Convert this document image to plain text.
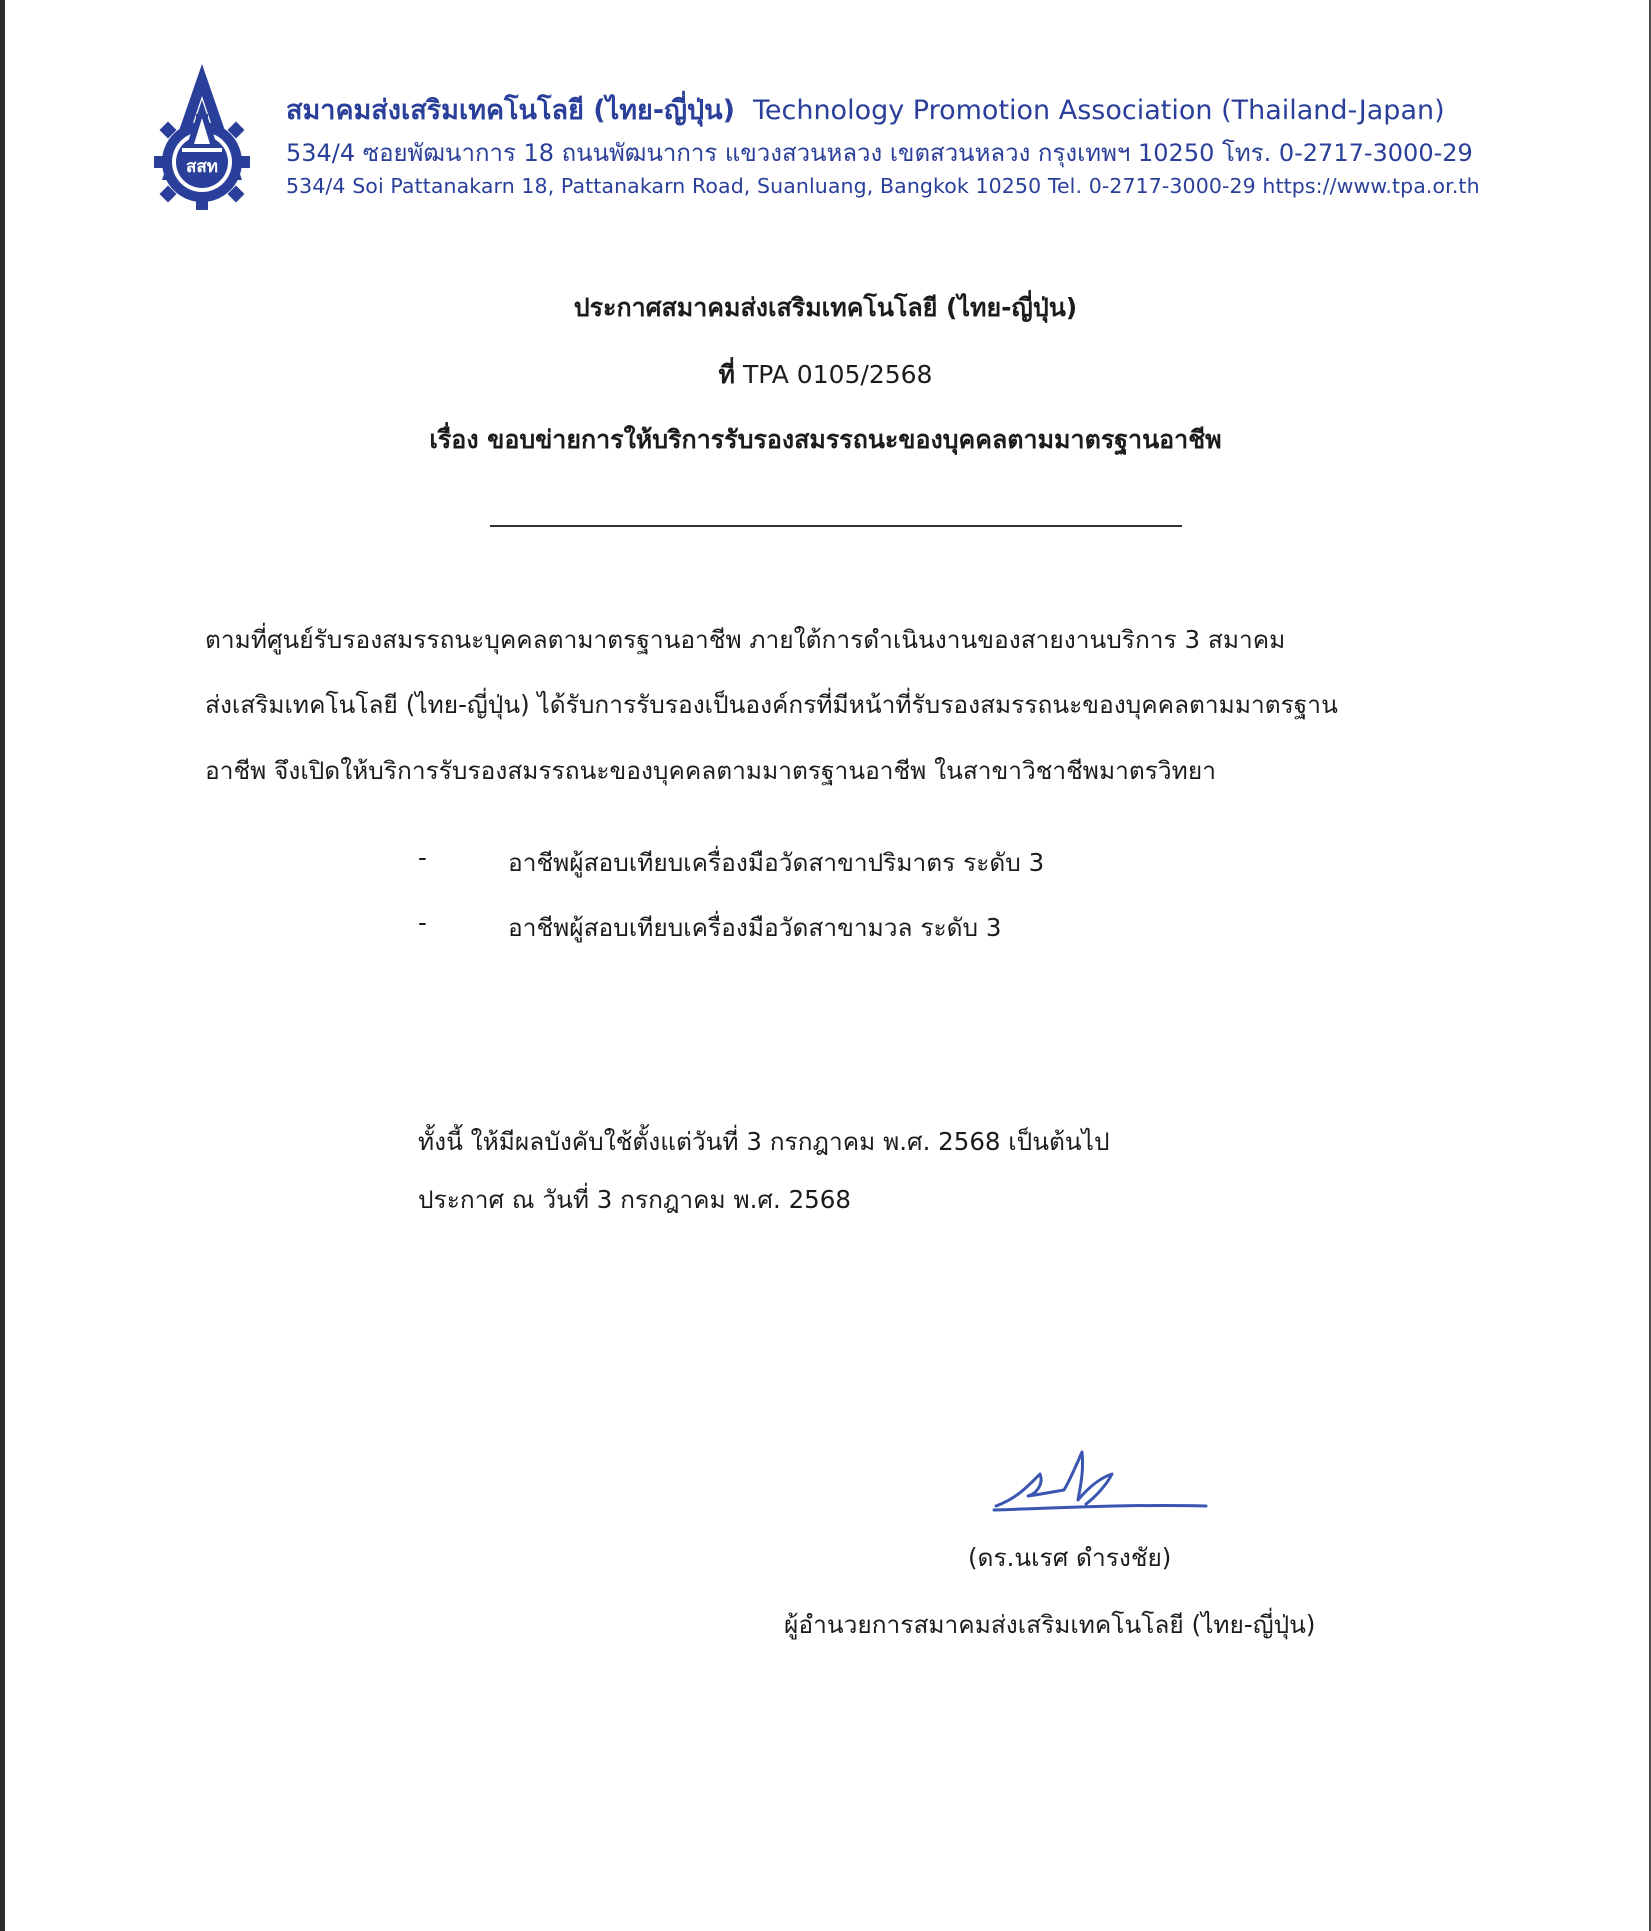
สสท
สมาคมส่งเสริมเทคโนโลยี (ไทย-ญี่ปุ่น) Technology Promotion Association (Thailand-Japan)
534/4 ซอยพัฒนาการ 18 ถนนพัฒนาการ แขวงสวนหลวง เขตสวนหลวง กรุงเทพฯ 10250 โทร. 0-2717-3000-29
534/4 Soi Pattanakarn 18, Pattanakarn Road, Suanluang, Bangkok 10250 Tel. 0-2717-3000-29 https://www.tpa.or.th
ประกาศสมาคมส่งเสริมเทคโนโลยี (ไทย-ญี่ปุ่น)
ที่ TPA 0105/2568
เรื่อง ขอบข่ายการให้บริการรับรองสมรรถนะของบุคคลตามมาตรฐานอาชีพ
ตามที่ศูนย์รับรองสมรรถนะบุคคลตามาตรฐานอาชีพ ภายใต้การดำเนินงานของสายงานบริการ 3 สมาคม
ส่งเสริมเทคโนโลยี (ไทย-ญี่ปุ่น) ได้รับการรับรองเป็นองค์กรที่มีหน้าที่รับรองสมรรถนะของบุคคลตามมาตรฐาน
อาชีพ จึงเปิดให้บริการรับรองสมรรถนะของบุคคลตามมาตรฐานอาชีพ ในสาขาวิชาชีพมาตรวิทยา
-	อาชีพผู้สอบเทียบเครื่องมือวัดสาขาปริมาตร ระดับ 3
-	อาชีพผู้สอบเทียบเครื่องมือวัดสาขามวล ระดับ 3
ทั้งนี้ ให้มีผลบังคับใช้ตั้งแต่วันที่ 3 กรกฎาคม พ.ศ. 2568 เป็นต้นไป
ประกาศ ณ วันที่ 3 กรกฎาคม พ.ศ. 2568
(ดร.นเรศ ดำรงชัย)
ผู้อำนวยการสมาคมส่งเสริมเทคโนโลยี (ไทย-ญี่ปุ่น)
